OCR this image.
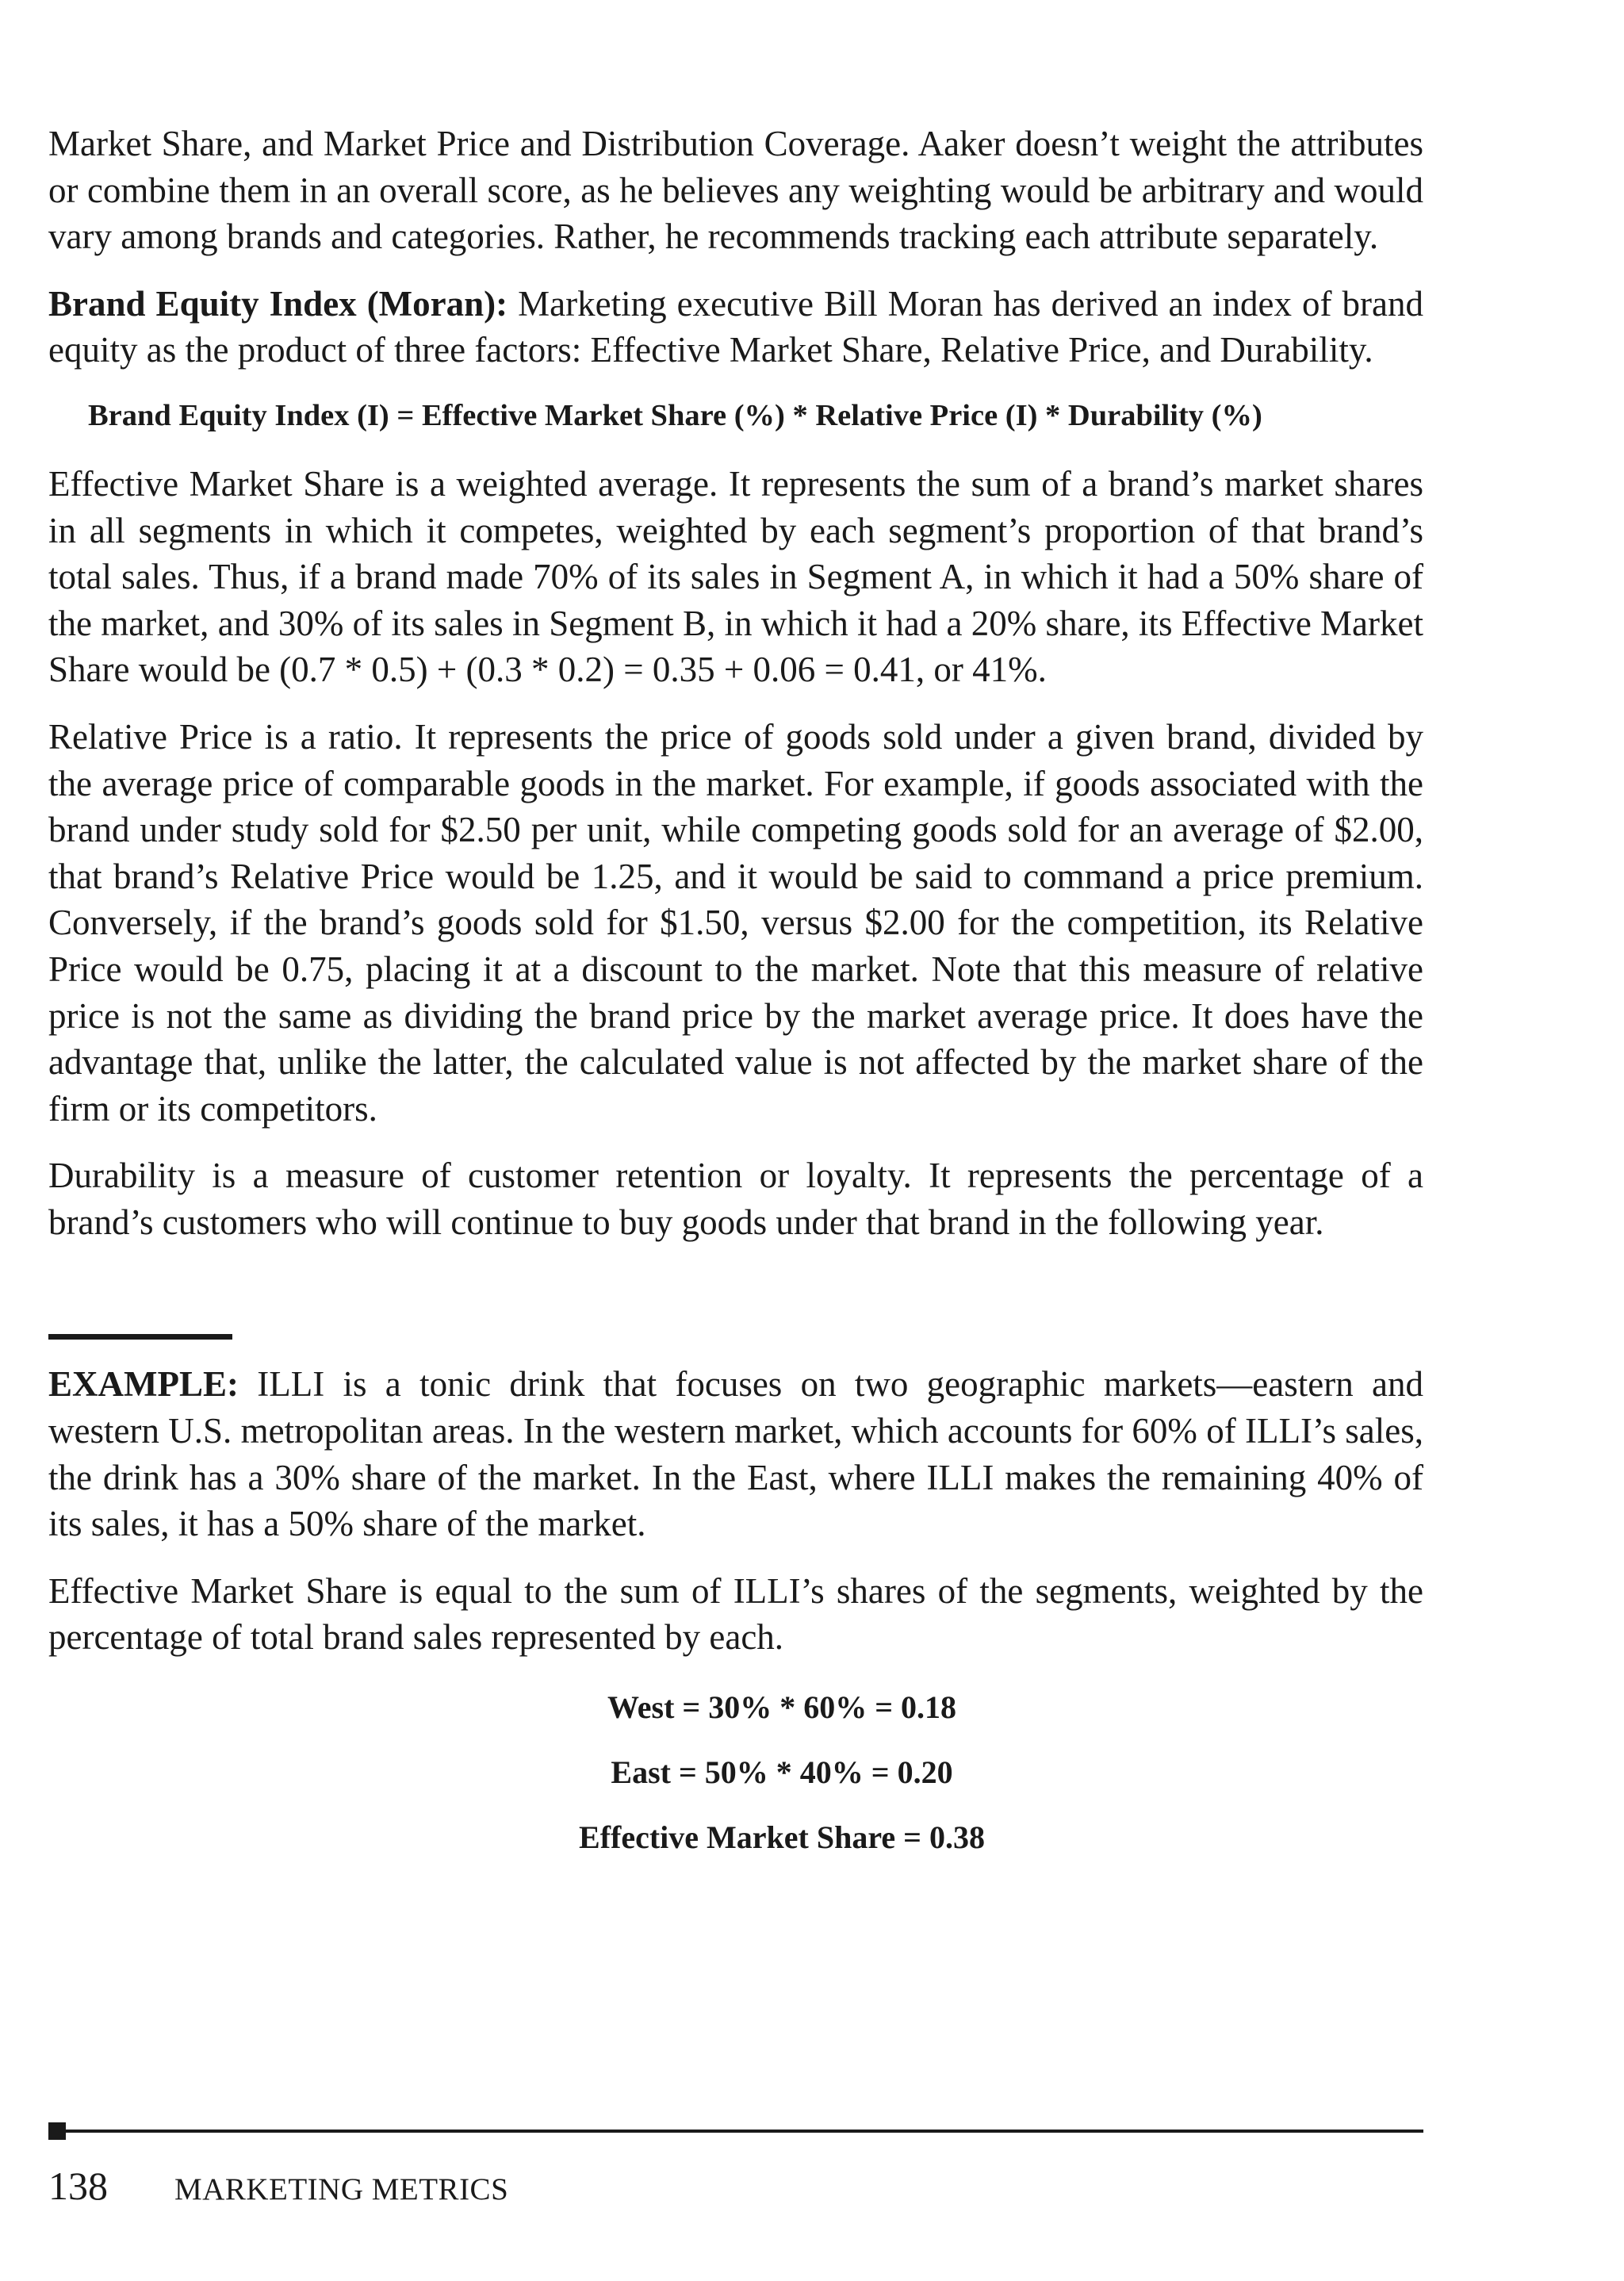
Market Share, and Market Price and Distribution Coverage. Aaker doesn’t weight the attributes or combine them in an overall score, as he believes any weighting would be arbitrary and would vary among brands and categories. Rather, he recommends tracking each attribute separately.

Brand Equity Index (Moran): Marketing executive Bill Moran has derived an index of brand equity as the product of three factors: Effective Market Share, Relative Price, and Durability.

Brand Equity Index (I) = Effective Market Share (%) * Relative Price (I) * Durability (%)

Effective Market Share is a weighted average. It represents the sum of a brand’s market shares in all segments in which it competes, weighted by each segment’s proportion of that brand’s total sales. Thus, if a brand made 70% of its sales in Segment A, in which it had a 50% share of the market, and 30% of its sales in Segment B, in which it had a 20% share, its Effective Market Share would be (0.7 * 0.5) + (0.3 * 0.2) = 0.35 + 0.06 = 0.41, or 41%.

Relative Price is a ratio. It represents the price of goods sold under a given brand, divided by the average price of comparable goods in the market. For example, if goods associated with the brand under study sold for $2.50 per unit, while competing goods sold for an average of $2.00, that brand’s Relative Price would be 1.25, and it would be said to command a price premium. Conversely, if the brand’s goods sold for $1.50, versus $2.00 for the competition, its Relative Price would be 0.75, placing it at a discount to the market. Note that this measure of relative price is not the same as dividing the brand price by the market average price. It does have the advantage that, unlike the latter, the calculated value is not affected by the market share of the firm or its competitors.

Durability is a measure of customer retention or loyalty. It represents the percentage of a brand’s customers who will continue to buy goods under that brand in the following year.

EXAMPLE: ILLI is a tonic drink that focuses on two geographic markets—eastern and western U.S. metropolitan areas. In the western market, which accounts for 60% of ILLI’s sales, the drink has a 30% share of the market. In the East, where ILLI makes the remaining 40% of its sales, it has a 50% share of the market.

Effective Market Share is equal to the sum of ILLI’s shares of the segments, weighted by the percentage of total brand sales represented by each.

West = 30% * 60% = 0.18
East = 50% * 40% = 0.20
Effective Market Share = 0.38
138 MARKETING METRICS
